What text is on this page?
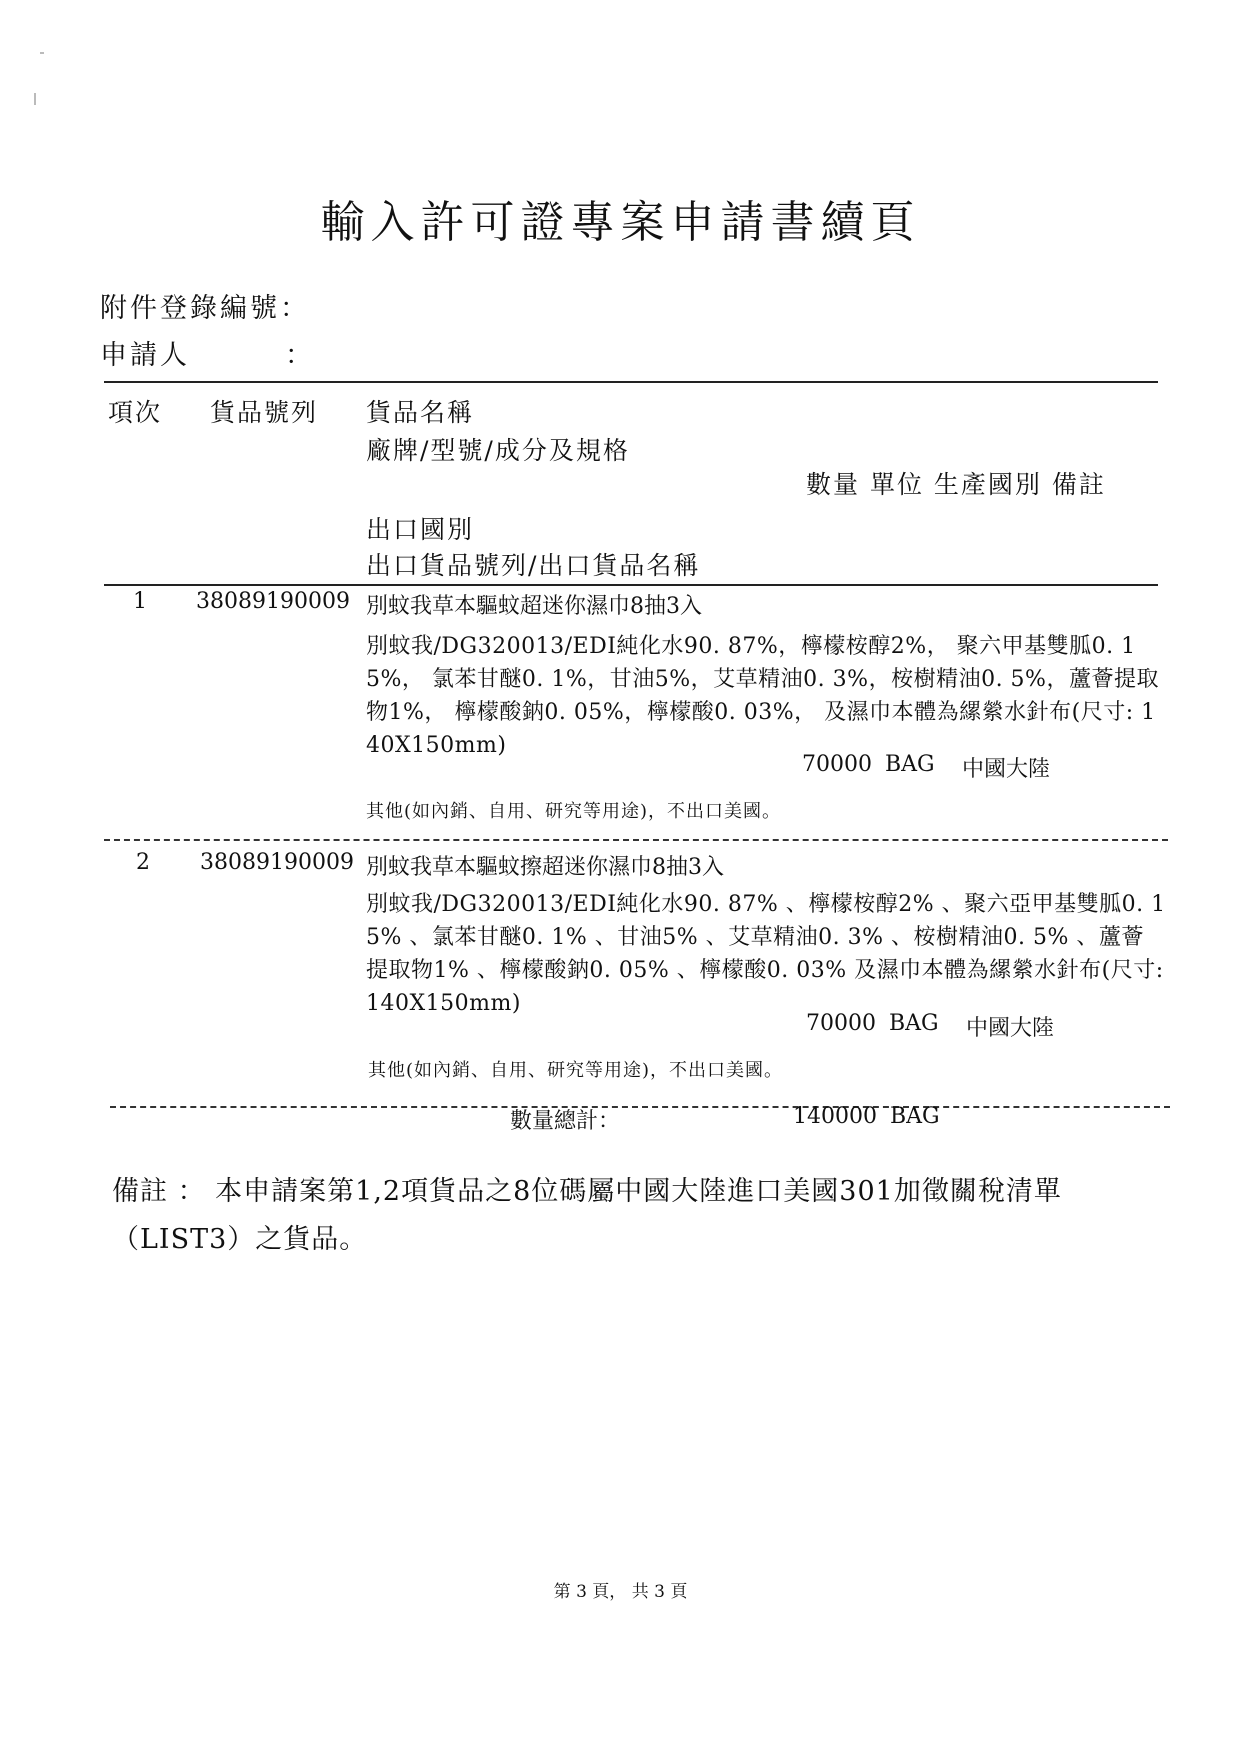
輸入許可證專案申請書續頁
附件登錄編號：
申請人	：
項次 貨品號列 貨品名稱
廠牌/型號/成分及規格
數量 單位 生產國別 備註
出口國別
出口貨品號列/出口貨品名稱
1 38089190009 別蚊我草本驅蚊超迷你濕巾8抽3入
別蚊我/DG320013/EDI純化水90. 87%，檸檬桉醇2%， 聚六甲基雙胍0. 15%， 氯苯甘醚0. 1%，甘油5%，艾草精油0. 3%，桉樹精油0. 5%，蘆薈提取物1%， 檸檬酸鈉0. 05%，檸檬酸0. 03%， 及濕巾本體為縲縈水針布(尺寸: 140X150mm)
70000 BAG 中國大陸
其他(如內銷、自用、研究等用途)，不出口美國。
2 38089190009 別蚊我草本驅蚊擦超迷你濕巾8抽3入
別蚊我/DG320013/EDI純化水90. 87% 、檸檬桉醇2% 、聚六亞甲基雙胍0. 15% 、氯苯甘醚0. 1% 、甘油5% 、艾草精油0. 3% 、桉樹精油0. 5% 、蘆薈提取物1% 、檸檬酸鈉0. 05% 、檸檬酸0. 03% 及濕巾本體為縲縈水針布(尺寸: 140X150mm)
70000 BAG 中國大陸
其他(如內銷、自用、研究等用途)，不出口美國。
數量總計：	140000 BAG
備註 ： 本申請案第1,2項貨品之8位碼屬中國大陸進口美國301加徵關稅清單（LIST3）之貨品。
第 3 頁， 共 3 頁
